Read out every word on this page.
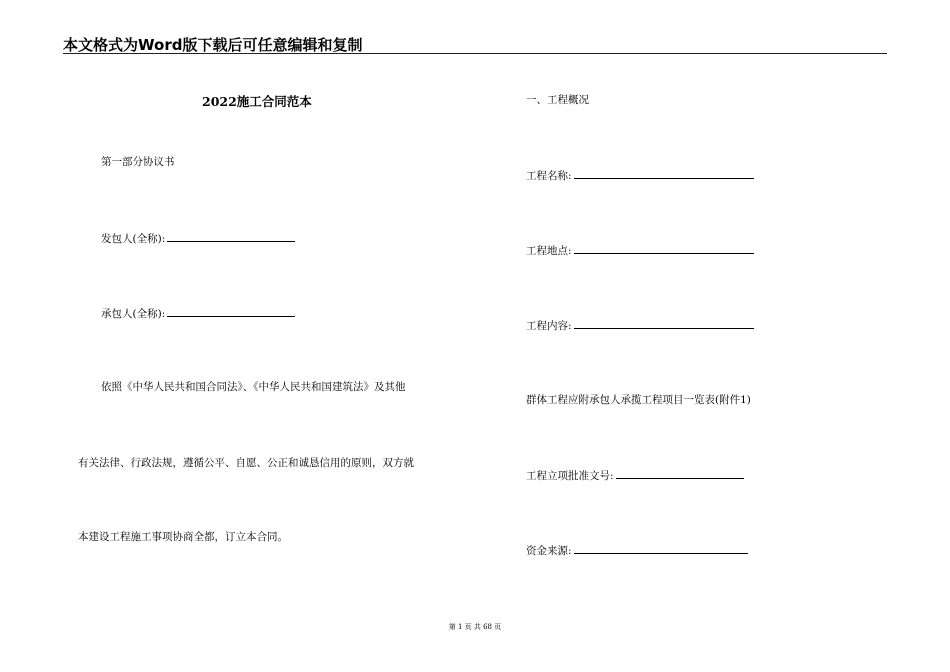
本文格式为Word版下载后可任意编辑和复制
2022施工合同范本
第一部分协议书
发包人(全称):
承包人(全称):
依照《中华人民共和国合同法》、《中华人民共和国建筑法》及其他
有关法律、行政法规，遵循公平、自愿、公正和诚恳信用的原则，双方就
本建设工程施工事项协商全都，订立本合同。
一、工程概况
工程名称:
工程地点:
工程内容:
群体工程应附承包人承揽工程项目一览表(附件1)
工程立项批准文号:
资金来源:
第 1 页 共 68 页
